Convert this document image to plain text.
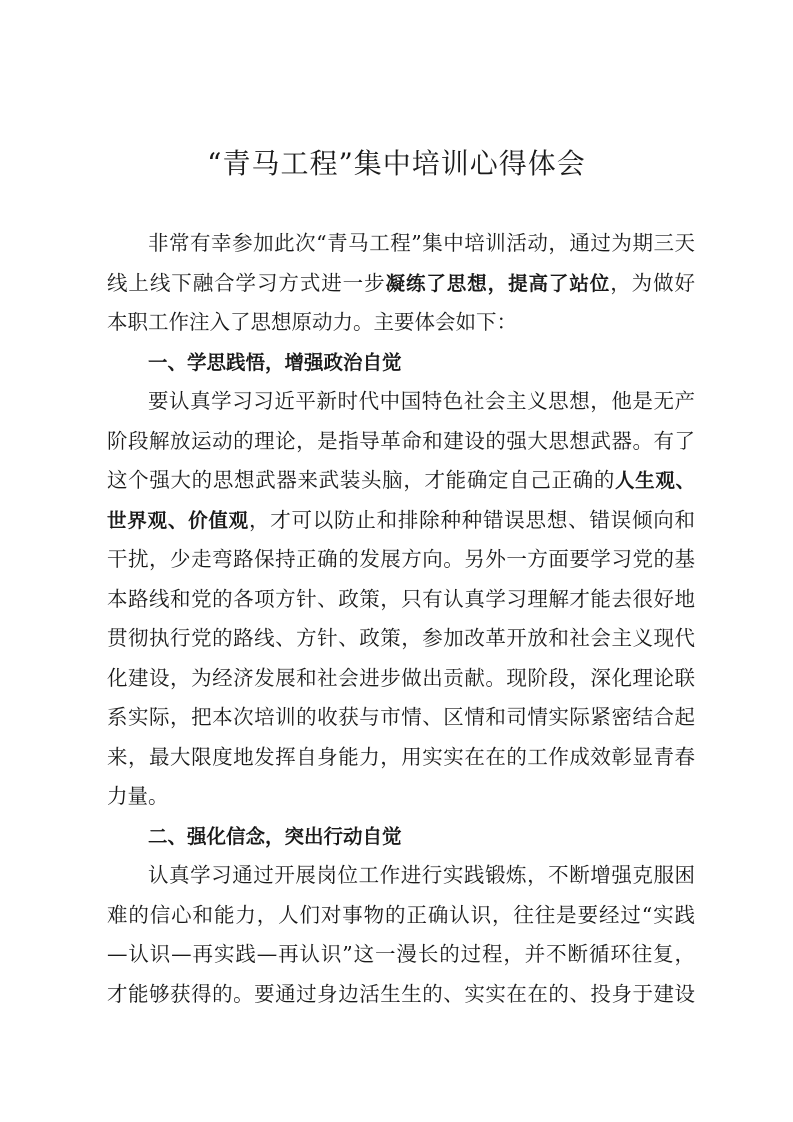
“青马工程”集中培训心得体会
非常有幸参加此次“青马工程”集中培训活动，通过为期三天
线上线下融合学习方式进一步凝练了思想，提高了站位，为做好
本职工作注入了思想原动力。主要体会如下：
一、学思践悟，增强政治自觉
要认真学习习近平新时代中国特色社会主义思想，他是无产
阶段解放运动的理论，是指导革命和建设的强大思想武器。有了
这个强大的思想武器来武装头脑，才能确定自己正确的人生观、
世界观、价值观，才可以防止和排除种种错误思想、错误倾向和
干扰，少走弯路保持正确的发展方向。另外一方面要学习党的基
本路线和党的各项方针、政策，只有认真学习理解才能去很好地
贯彻执行党的路线、方针、政策，参加改革开放和社会主义现代
化建设，为经济发展和社会进步做出贡献。现阶段，深化理论联
系实际，把本次培训的收获与市情、区情和司情实际紧密结合起
来，最大限度地发挥自身能力，用实实在在的工作成效彰显青春
力量。
二、强化信念，突出行动自觉
认真学习通过开展岗位工作进行实践锻炼，不断增强克服困
难的信心和能力，人们对事物的正确认识，往往是要经过“实践
—认识—再实践—再认识”这一漫长的过程，并不断循环往复，
才能够获得的。要通过身边活生生的、实实在在的、投身于建设
